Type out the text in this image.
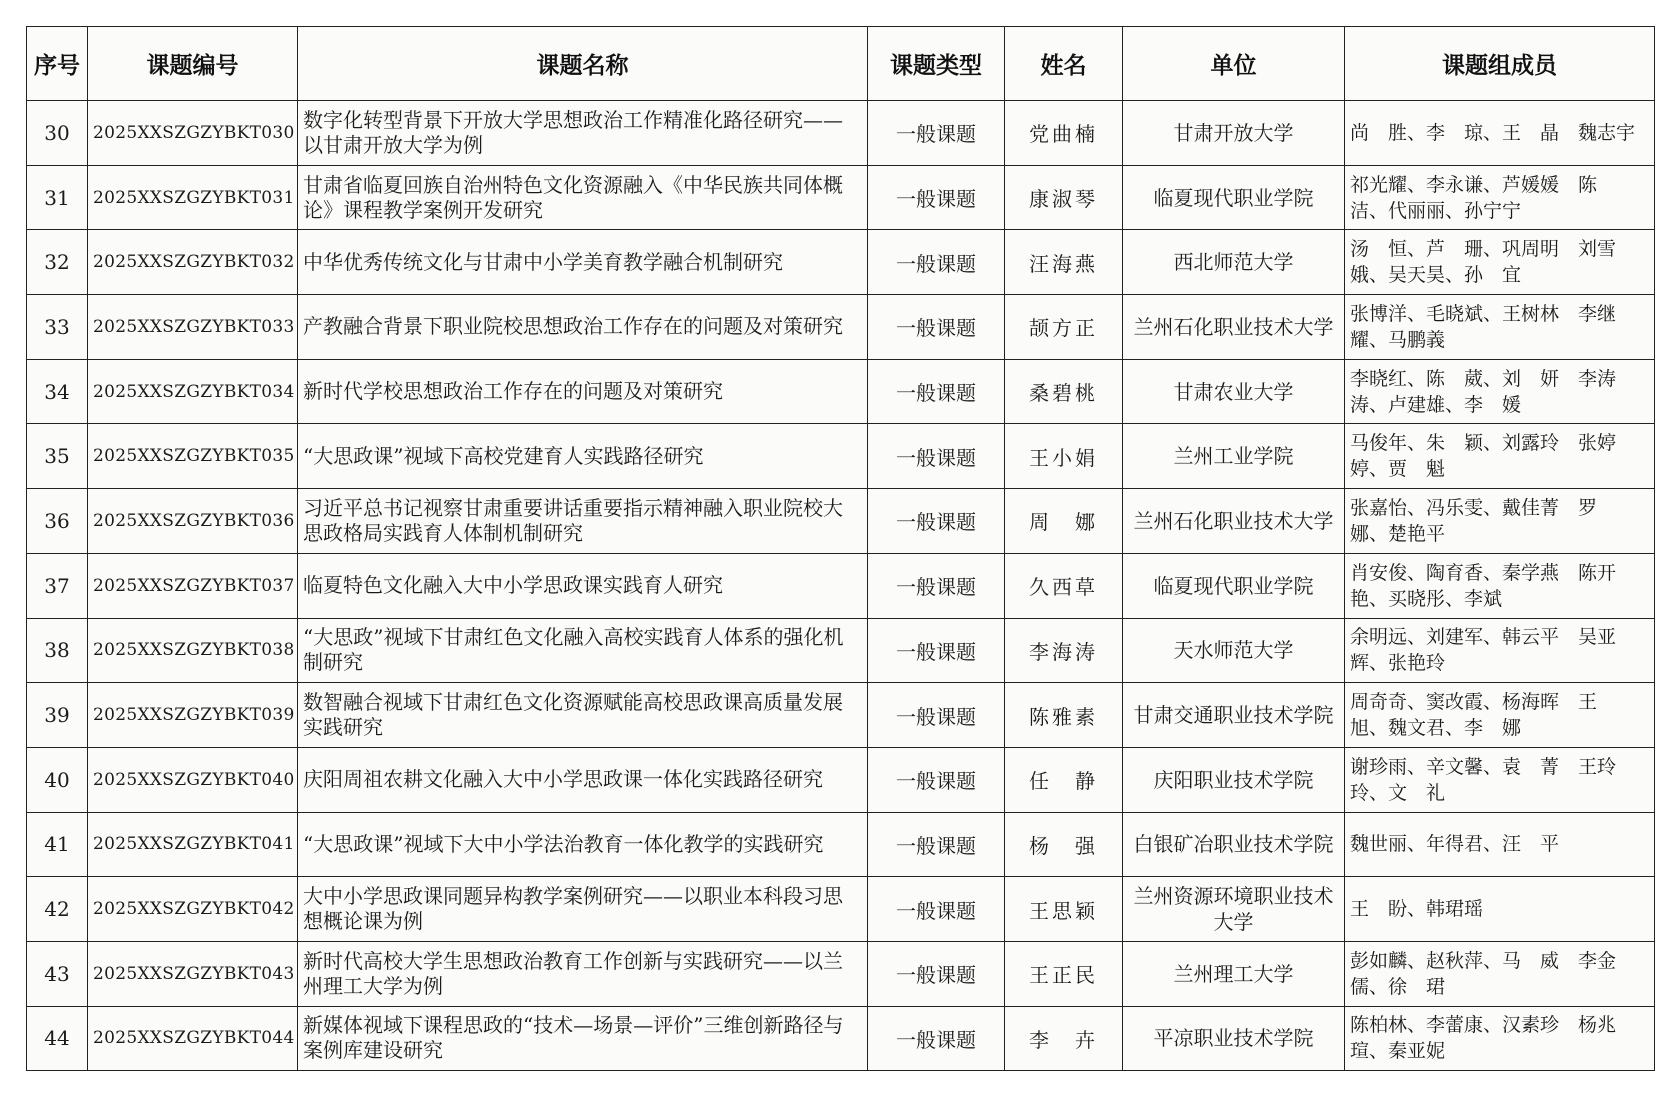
序号	课题编号	课题名称	课题类型	姓名	单位	课题组成员
30	2025XXSZGZYBKT030	数字化转型背景下开放大学思想政治工作精准化路径研究——以甘肃开放大学为例	一般课题	党曲楠	甘肃开放大学	尚　胜、李　琼、王　晶　魏志宇
31	2025XXSZGZYBKT031	甘肃省临夏回族自治州特色文化资源融入《中华民族共同体概论》课程教学案例开发研究	一般课题	康淑琴	临夏现代职业学院	祁光耀、李永谦、芦媛媛　陈　洁、代丽丽、孙宁宁
32	2025XXSZGZYBKT032	中华优秀传统文化与甘肃中小学美育教学融合机制研究	一般课题	汪海燕	西北师范大学	汤　恒、芦　珊、巩周明　刘雪娥、吴天昊、孙　宜
33	2025XXSZGZYBKT033	产教融合背景下职业院校思想政治工作存在的问题及对策研究	一般课题	颉方正	兰州石化职业技术大学	张博洋、毛晓斌、王树林　李继耀、马鹏義
34	2025XXSZGZYBKT034	新时代学校思想政治工作存在的问题及对策研究	一般课题	桑碧桃	甘肃农业大学	李晓红、陈　葳、刘　妍　李涛涛、卢建雄、李　媛
35	2025XXSZGZYBKT035	“大思政课”视域下高校党建育人实践路径研究	一般课题	王小娟	兰州工业学院	马俊年、朱　颖、刘露玲　张婷婷、贾　魁
36	2025XXSZGZYBKT036	习近平总书记视察甘肃重要讲话重要指示精神融入职业院校大思政格局实践育人体制机制研究	一般课题	周　娜	兰州石化职业技术大学	张嘉怡、冯乐雯、戴佳菁　罗　娜、楚艳平
37	2025XXSZGZYBKT037	临夏特色文化融入大中小学思政课实践育人研究	一般课题	久西草	临夏现代职业学院	肖安俊、陶育香、秦学燕　陈开艳、买晓彤、李斌
38	2025XXSZGZYBKT038	“大思政”视域下甘肃红色文化融入高校实践育人体系的强化机制研究	一般课题	李海涛	天水师范大学	余明远、刘建军、韩云平　吴亚辉、张艳玲
39	2025XXSZGZYBKT039	数智融合视域下甘肃红色文化资源赋能高校思政课高质量发展实践研究	一般课题	陈雅素	甘肃交通职业技术学院	周奇奇、窦改霞、杨海晖　王　旭、魏文君、李　娜
40	2025XXSZGZYBKT040	庆阳周祖农耕文化融入大中小学思政课一体化实践路径研究	一般课题	任　静	庆阳职业技术学院	谢珍雨、辛文馨、袁　菁　王玲玲、文　礼
41	2025XXSZGZYBKT041	“大思政课”视域下大中小学法治教育一体化教学的实践研究	一般课题	杨　强	白银矿冶职业技术学院	魏世丽、年得君、汪　平
42	2025XXSZGZYBKT042	大中小学思政课同题异构教学案例研究——以职业本科段习思想概论课为例	一般课题	王思颖	兰州资源环境职业技术大学	王　盼、韩珺瑶
43	2025XXSZGZYBKT043	新时代高校大学生思想政治教育工作创新与实践研究——以兰州理工大学为例	一般课题	王正民	兰州理工大学	彭如麟、赵秋萍、马　威　李金儒、徐　珺
44	2025XXSZGZYBKT044	新媒体视域下课程思政的“技术—场景—评价”三维创新路径与案例库建设研究	一般课题	李　卉	平凉职业技术学院	陈柏林、李蕾康、汉素珍　杨兆瑄、秦亚妮
